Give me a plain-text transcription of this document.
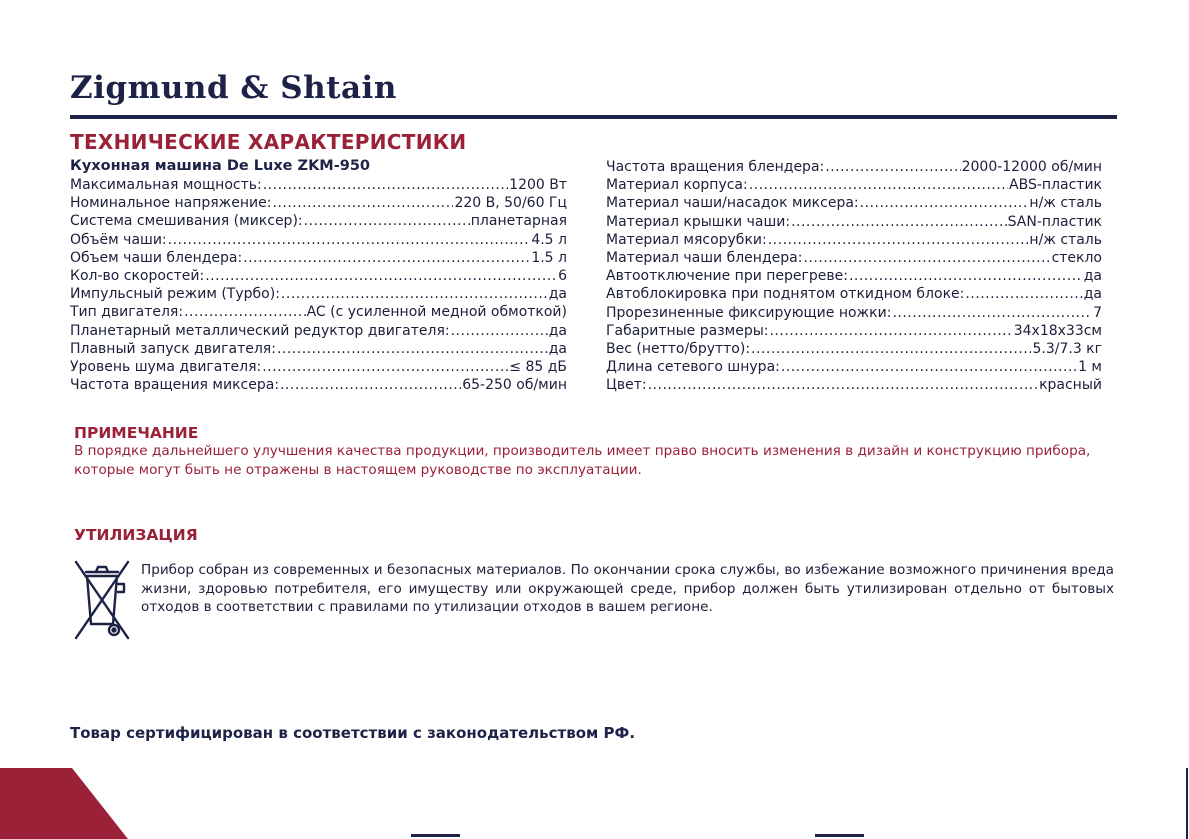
Zigmund & Shtain
ТЕХНИЧЕСКИЕ ХАРАКТЕРИСТИКИ
Кухонная машина De Luxe ZKM-950
Максимальная мощность: .....	1200 Вт
Номинальное напряжение: .....	220 В, 50/60 Гц
Система смешивания (миксер): .....	планетарная
Объём чаши: .....	4.5 л
Объем чаши блендера: .....	1.5 л
Кол-во скоростей: .....	6
Импульсный режим (Турбо): .....	да
Тип двигателя: .....	AC (с усиленной медной обмоткой)
Планетарный металлический редуктор двигателя: .....	да
Плавный запуск двигателя: .....	да
Уровень шума двигателя: .....	≤ 85 дБ
Частота вращения миксера: .....	65-250 об/мин
Частота вращения блендера: .....	2000-12000 об/мин
Материал корпуса: .....	ABS-пластик
Материал чаши/насадок миксера: .....	н/ж сталь
Материал крышки чаши: .....	SAN-пластик
Материал мясорубки: .....	н/ж сталь
Материал чаши блендера: .....	стекло
Автоотключение при перегреве: .....	да
Автоблокировка при поднятом откидном блоке: .....	да
Прорезиненные фиксирующие ножки: .....	7
Габаритные размеры: .....	34x18x33см
Вес (нетто/брутто): .....	5.3/7.3 кг
Длина сетевого шнура: .....	1 м
Цвет: .....	красный
ПРИМЕЧАНИЕ

В порядке дальнейшего улучшения качества продукции, производитель имеет право вносить изменения в дизайн и конструкцию прибора, которые могут быть не отражены в настоящем руководстве по эксплуатации.

УТИЛИЗАЦИЯ

Прибор собран из современных и безопасных материалов. По окончании срока службы, во избежание возможного причинения вреда жизни, здоровью потребителя, его имуществу или окружающей среде, прибор должен быть утилизирован отдельно от бытовых отходов в соответствии с правилами по утилизации отходов в вашем регионе.

Товар сертифицирован в соответствии с законодательством РФ.
